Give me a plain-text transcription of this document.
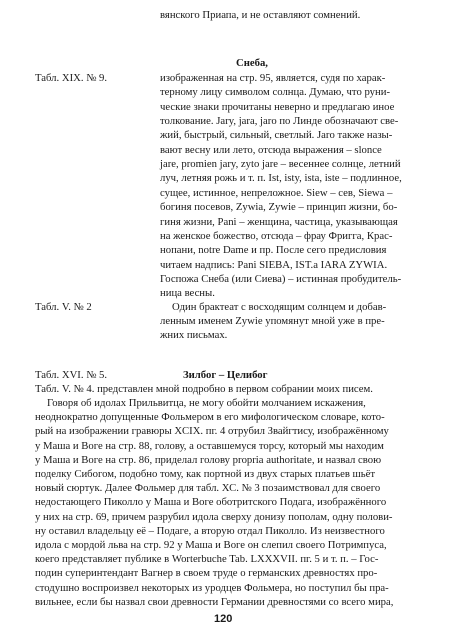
вянского Приапа, и не оставляют сомнений.
Снеба,
Табл. XIX. № 9.	изображенная на стр. 95, является, судя по харак-
терному лицу символом солнца. Думаю, что руни-
ческие знаки прочитаны неверно и предлагаю иное
толкование. Jary, jara, jaro по Линде обозначают све-
жий, быстрый, сильный, светлый. Jaro также назы-
вают весну или лето, отсюда выражения – slonce
jare, promien jary, zyto jare – весеннее солнце, летний
луч, летняя рожь и т. п. Ist, isty, ista, iste – подлинное,
сущее, истинное, непреложное. Siew – сев, Siewa –
богиня посевов, Zywia, Zywie – принцип жизни, бо-
гиня жизни, Pani – женщина, частица, указывающая
на женское божество, отсюда – фрау Фригга, Крас-
нопани, notre Dame и пр. После сего предисловия
читаем надпись: Pani SIEBA, IST.a IARA ZYWIA.
Госпожа Снеба (или Сиева) – истинная пробудитель-
ница весны.
Табл. V. № 2	Один брактеат с восходящим солнцем и добав-
ленным именем Zywie упомянут мной уже в пре-
жних письмах.
Табл. XVI. № 5.	Зилбог – Целибог
Табл. V. № 4. представлен мной подробно в первом собрании моих писем.
Говоря об идолах Прильвитца, не могу обойти молчанием искажения,
неоднократно допущенные Фольмером в его мифологическом словаре, кото-
рый на изображении гравюры XCIX. пг. 4 отрубил Звайгтису, изображённому
у Маша и Воге на стр. 88, голову, а оставшемуся торсу, который мы находим
у Маша и Воге на стр. 86, приделал голову propria authoritate, и назвал свою
поделку Сибогом, подобно тому, как портной из двух старых платьев шьёт
новый сюртук. Далее Фольмер для табл. ХС. № 3 позаимствовал для своего
недостающего Пиколло у Маша и Воге оботритского Подага, изображённого
у них на стр. 69, причем разрубил идола сверху донизу пополам, одну полови-
ну оставил владельцу её – Подаге, а вторую отдал Пиколло. Из неизвестного
идола с мордой льва на стр. 92 у Маша и Воге он слепил своего Потримпуса,
коего представляет публике в Worterbuche Tab. LXXXVII. пг. 5 и т. п. – Гос-
подин суперинтендант Вагнер в своем труде о германских древностях про-
стодушно воспроизвел некоторых из уродцев Фольмера, но поступил бы пра-
вильнее, если бы назвал свои древности Германии древностями со всего мира,
120
